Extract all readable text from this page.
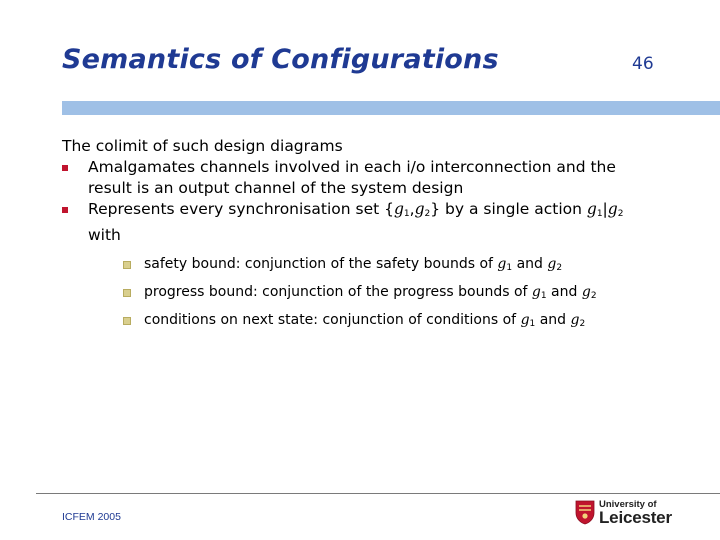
Semantics of Configurations	46
The colimit of such design diagrams
Amalgamates channels involved in each i/o interconnection and the
result is an output channel of the system design
Represents every synchronisation set $\{g_1,g_2\}$ by a single action $g_1|g_2$
with
safety bound: conjunction of the safety bounds of $g_1$ and $g_2$
progress bound: conjunction of the progress bounds of $g_1$ and $g_2$
conditions on next state: conjunction of conditions of $g_1$ and $g_2$
ICFEM 2005
University of
Leicester
